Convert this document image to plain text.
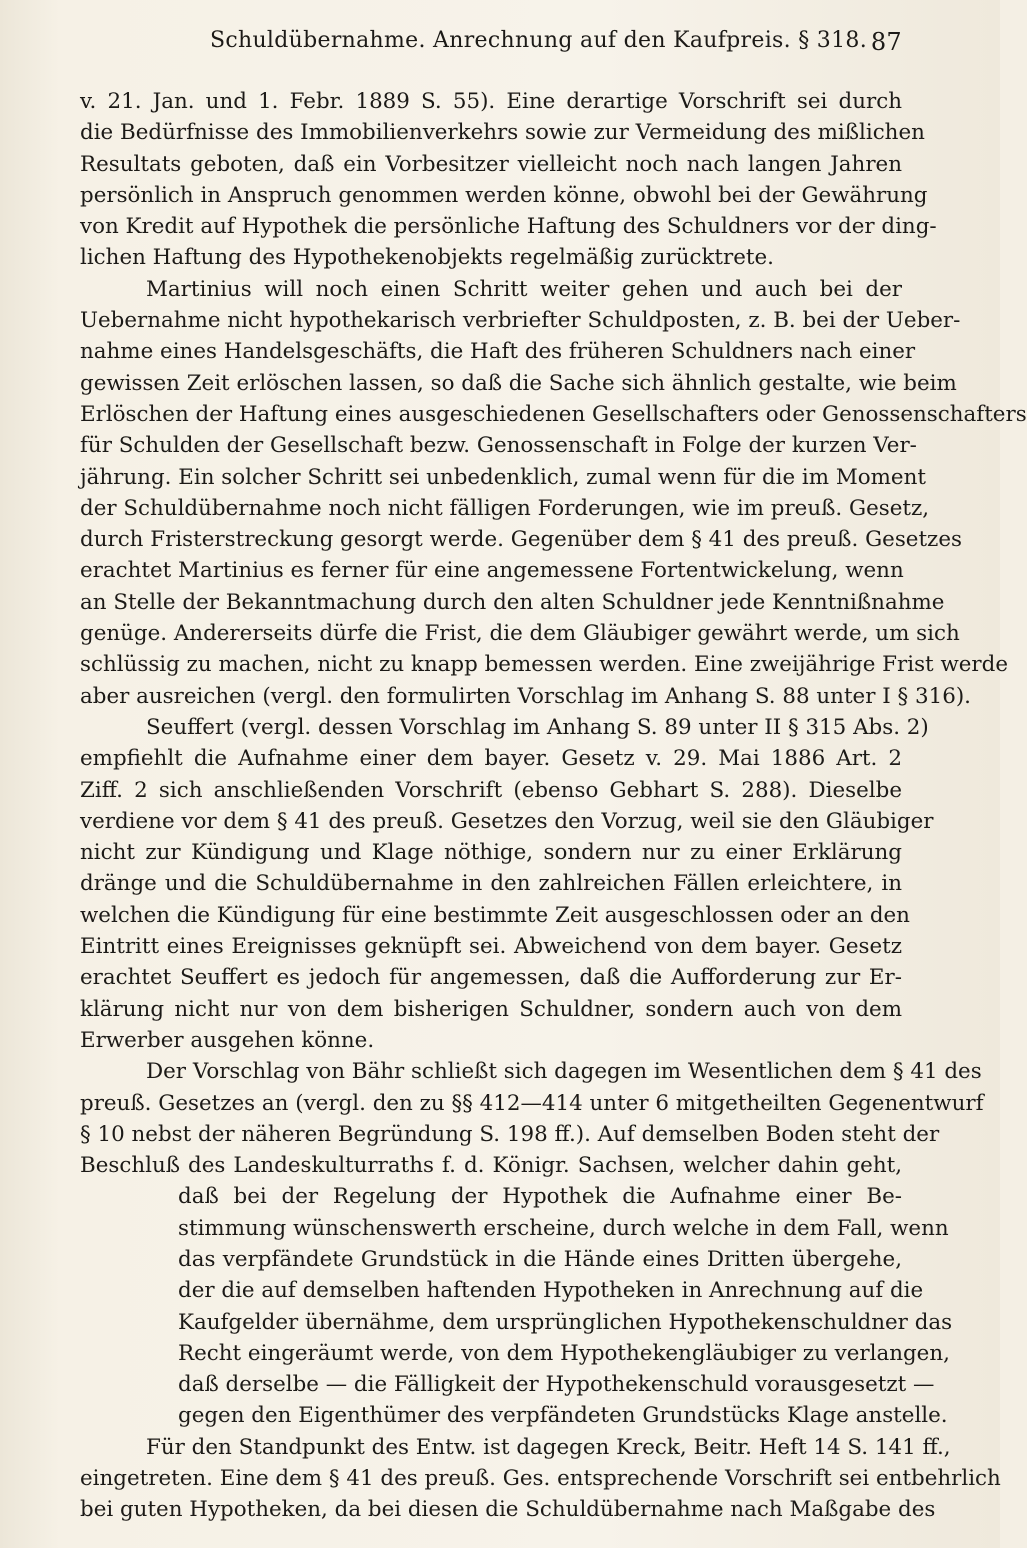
Schuldübernahme. Anrechnung auf den Kaufpreis. § 318. 87
v. 21. Jan. und 1. Febr. 1889 S. 55). Eine derartige Vorschrift sei durch
die Bedürfnisse des Immobilienverkehrs sowie zur Vermeidung des mißlichen
Resultats geboten, daß ein Vorbesitzer vielleicht noch nach langen Jahren
persönlich in Anspruch genommen werden könne, obwohl bei der Gewährung
von Kredit auf Hypothek die persönliche Haftung des Schuldners vor der ding-
lichen Haftung des Hypothekenobjekts regelmäßig zurücktrete.
Martinius will noch einen Schritt weiter gehen und auch bei der
Uebernahme nicht hypothekarisch verbriefter Schuldposten, z. B. bei der Ueber-
nahme eines Handelsgeschäfts, die Haft des früheren Schuldners nach einer
gewissen Zeit erlöschen lassen, so daß die Sache sich ähnlich gestalte, wie beim
Erlöschen der Haftung eines ausgeschiedenen Gesellschafters oder Genossenschafters
für Schulden der Gesellschaft bezw. Genossenschaft in Folge der kurzen Ver-
jährung. Ein solcher Schritt sei unbedenklich, zumal wenn für die im Moment
der Schuldübernahme noch nicht fälligen Forderungen, wie im preuß. Gesetz,
durch Fristerstreckung gesorgt werde. Gegenüber dem § 41 des preuß. Gesetzes
erachtet Martinius es ferner für eine angemessene Fortentwickelung, wenn
an Stelle der Bekanntmachung durch den alten Schuldner jede Kenntnißnahme
genüge. Andererseits dürfe die Frist, die dem Gläubiger gewährt werde, um sich
schlüssig zu machen, nicht zu knapp bemessen werden. Eine zweijährige Frist werde
aber ausreichen (vergl. den formulirten Vorschlag im Anhang S. 88 unter I § 316).
Seuffert (vergl. dessen Vorschlag im Anhang S. 89 unter II § 315 Abs. 2)
empfiehlt die Aufnahme einer dem bayer. Gesetz v. 29. Mai 1886 Art. 2
Ziff. 2 sich anschließenden Vorschrift (ebenso Gebhart S. 288). Dieselbe
verdiene vor dem § 41 des preuß. Gesetzes den Vorzug, weil sie den Gläubiger
nicht zur Kündigung und Klage nöthige, sondern nur zu einer Erklärung
dränge und die Schuldübernahme in den zahlreichen Fällen erleichtere, in
welchen die Kündigung für eine bestimmte Zeit ausgeschlossen oder an den
Eintritt eines Ereignisses geknüpft sei. Abweichend von dem bayer. Gesetz
erachtet Seuffert es jedoch für angemessen, daß die Aufforderung zur Er-
klärung nicht nur von dem bisherigen Schuldner, sondern auch von dem
Erwerber ausgehen könne.
Der Vorschlag von Bähr schließt sich dagegen im Wesentlichen dem § 41 des
preuß. Gesetzes an (vergl. den zu §§ 412—414 unter 6 mitgetheilten Gegenentwurf
§ 10 nebst der näheren Begründung S. 198 ff.). Auf demselben Boden steht der
Beschluß des Landeskulturraths f. d. Königr. Sachsen, welcher dahin geht,
daß bei der Regelung der Hypothek die Aufnahme einer Be-
stimmung wünschenswerth erscheine, durch welche in dem Fall, wenn
das verpfändete Grundstück in die Hände eines Dritten übergehe,
der die auf demselben haftenden Hypotheken in Anrechnung auf die
Kaufgelder übernähme, dem ursprünglichen Hypothekenschuldner das
Recht eingeräumt werde, von dem Hypothekengläubiger zu verlangen,
daß derselbe — die Fälligkeit der Hypothekenschuld vorausgesetzt —
gegen den Eigenthümer des verpfändeten Grundstücks Klage anstelle.
Für den Standpunkt des Entw. ist dagegen Kreck, Beitr. Heft 14 S. 141 ff.,
eingetreten. Eine dem § 41 des preuß. Ges. entsprechende Vorschrift sei entbehrlich
bei guten Hypotheken, da bei diesen die Schuldübernahme nach Maßgabe des
